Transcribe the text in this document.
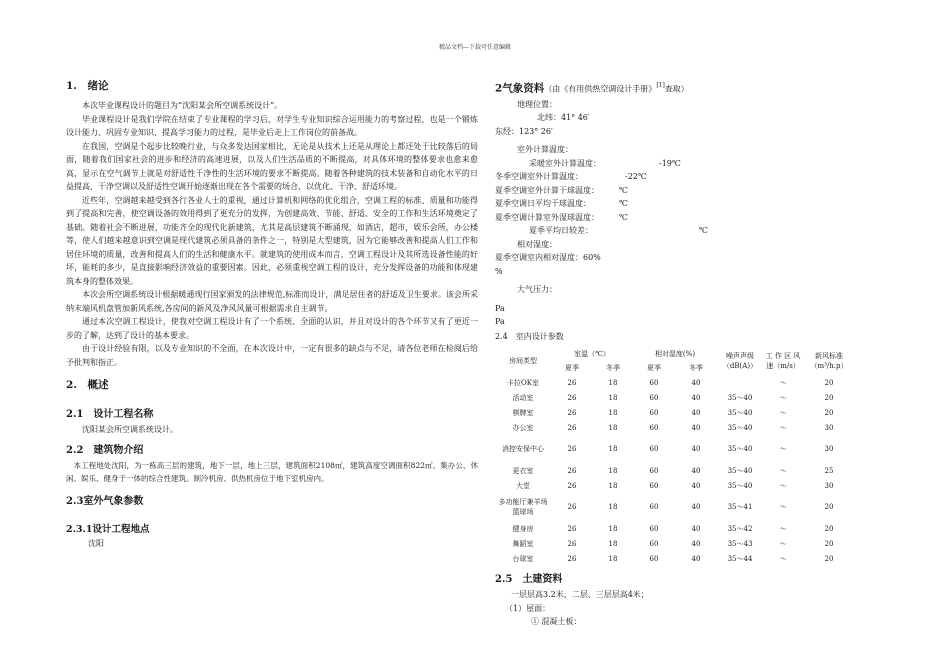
精品文档---下载可任意编辑
1.　绪论

本次毕业课程设计的题目为“沈阳某会所空调系统设计”。

毕业课程设计是我们学院在结束了专业课程的学习后，对学生专业知识综合运用能力的考察过程，也是一个锻炼设计能力、巩固专业知识、提高学习能力的过程，是毕业后走上工作岗位的前备战。

在我国，空调是个起步比较晚行业，与众多发达国家相比，无论是从技术上还是从理论上都还处于比较落后的局面，随着我们国家社会的进步和经济的高速进展，以及人们生活品质的不断提高，对具体环境的整体要求也愈来愈高，显示在空气调节上就是对舒适性干净性的生活环境的要求不断提高。随着各种建筑的技术装备和自动化水平的日益提高，干净空调以及舒适性空调开始逐渐出现在各个需要的场合，以优化、干净、舒适环境。

近些年，空调越来越受到各行各业人士的重视，通过计算机和网络的优化组合，空调工程的标准、质量和功能得到了提高和完善，使空调设备的效用得到了更充分的发挥，为创建高效、节能、舒适、安全的工作和生活环境奠定了基础。随着社会不断进展，功能齐全的现代化新建筑，尤其是高层建筑不断涌现，如酒店，超市，娱乐会所，办公楼等，使人们越来越意识到空调是现代建筑必须具备的条件之一，特别是大型建筑，因为它能够改善和提高人们工作和居住环境的质量，改善和提高人们的生活和健康水平。就建筑的使用成本而言，空调工程设计及其所选设备性能的好坏，能耗的多少，是直接影响经济效益的重要因素。因此，必须重视空调工程的设计，充分发挥设备的功能和体现建筑本身的整体效果。

本次会所空调系统设计根据暖通现行国家颁发的法律规范,标准而设计，满足居住者的舒适及卫生要求。该会所采纳末端风机盘管加新风系统,各房间的新风及净风风量可根据需求自主调节。

通过本次空调工程设计，使我对空调工程设计有了一个系统、全面的认识，并且对设计的各个环节又有了更近一步的了解，达到了设计的基本要求。

由于设计经验有限，以及专业知识的不全面，在本次设计中，一定有很多的缺点与不足，请各位老师在检阅后给予批判和指正。

2.　概述
2.1　设计工程名称

沈阳某会所空调系统设计。

2.2　建筑物介绍

本工程地处沈阳，为一栋高三层的建筑，地下一层，地上三层，建筑面积2108㎡，建筑高度空调面积822㎡。集办公、休闲、娱乐、健身于一体的综合性建筑。制冷机房、供热机房位于地下室机房内。

2.3室外气象参数
2.3.1设计工程地点

沈阳

2气象资料（由《有用供热空调设计手册》[1]查取）

地理位置：

北纬：41° 46′

东经：123° 26′

室外计算温度：

采暖室外计算温度：	-19℃

冬季空调室外计算温度：	-22℃

夏季空调室外计算干球温度：	℃

夏季空调日平均干球温度：	℃

夏季空调计算室外湿球温度：	℃

夏季平均日较差：	℃

相对湿度：

夏季空调室内相对湿度：60%

%

大气压力：

Pa

Pa

2.4　室内设计参数

房间类型	室温（℃）		相对湿度(%)		噪声声级（dB(A)）	工 作 区 风速（m/s）	新风标准（m³/h.p）
	夏季	冬季	夏季	冬季			
卡拉OK室	26	18	60	40		～	20
活动室	26	18	60	40	35～40	～	20
棋牌室	26	18	60	40	35～40	～	20
办公室	26	18	60	40	35～40	～	30
消控安保中心	26	18	60	40	35～40	～	30
更衣室	26	18	60	40	35～40	～	25
大堂	26	18	60	40	35～40	～	30
多功能厅兼羊场篮球场	26	18	60	40	35～41	～	20
健身房	26	18	60	40	35～42	～	20
舞蹈室	26	18	60	40	35～43	～	20
台球室	26	18	60	40	35～44	～	20
2.5　土建资料

一层层高3.2米，二层、三层层高4米；

（1）屋面：

① 混凝土板：
